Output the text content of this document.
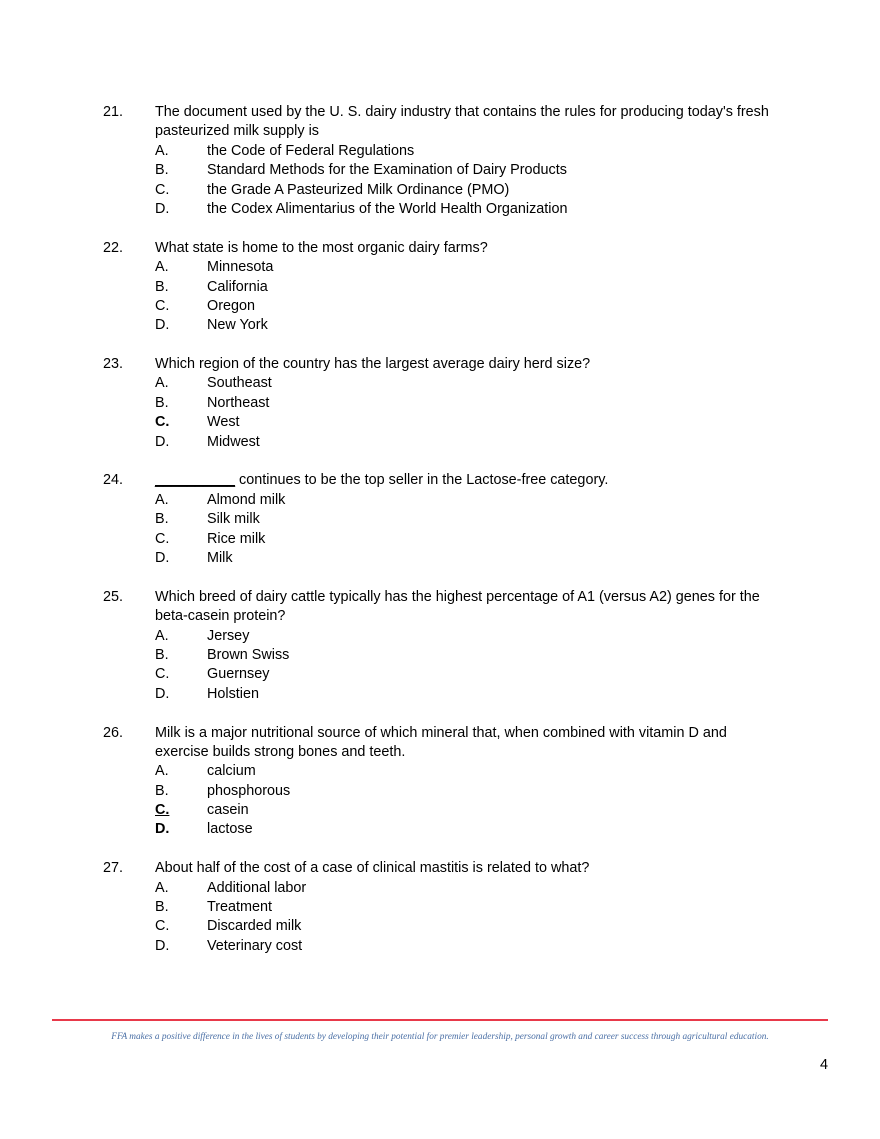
21. The document used by the U. S. dairy industry that contains the rules for producing today's fresh
pasteurized milk supply is
A.	the Code of Federal Regulations
B.	Standard Methods for the Examination of Dairy Products
C.	the Grade A Pasteurized Milk Ordinance (PMO)
D.	the Codex Alimentarius of the World Health Organization
22. What state is home to the most organic dairy farms?
A.	Minnesota
B.	California
C.	Oregon
D.	New York
23. Which region of the country has the largest average dairy herd size?
A.	Southeast
B.	Northeast
C.	West
D.	Midwest
24. __________ continues to be the top seller in the Lactose-free category.
A.	Almond milk
B.	Silk milk
C.	Rice milk
D.	Milk
25. Which breed of dairy cattle typically has the highest percentage of A1 (versus A2) genes for the
beta-casein protein?
A.	Jersey
B.	Brown Swiss
C.	Guernsey
D.	Holstien
26. Milk is a major nutritional source of which mineral that, when combined with vitamin D and
exercise builds strong bones and teeth.
A.	calcium
B.	phosphorous
C.	casein
D.	lactose
27. About half of the cost of a case of clinical mastitis is related to what?
A.	Additional labor
B.	Treatment
C.	Discarded milk
D.	Veterinary cost
FFA makes a positive difference in the lives of students by developing their potential for premier leadership, personal growth and career success through agricultural education.
4
